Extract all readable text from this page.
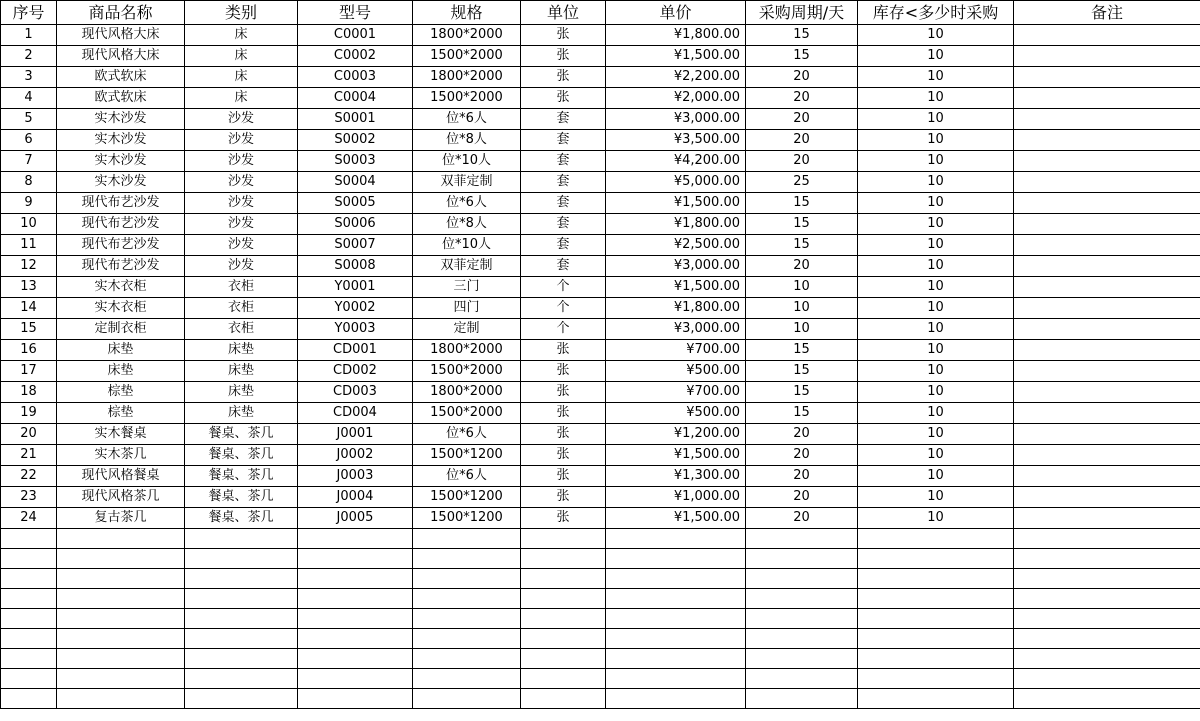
序号	商品名称	类别	型号	规格	单位	单价	采购周期/天	库存<多少时采购	备注
1	现代风格大床	床	C0001	1800*2000	张	¥1,800.00	15	10	
2	现代风格大床	床	C0002	1500*2000	张	¥1,500.00	15	10	
3	欧式软床	床	C0003	1800*2000	张	¥2,200.00	20	10	
4	欧式软床	床	C0004	1500*2000	张	¥2,000.00	20	10	
5	实木沙发	沙发	S0001	位*6人	套	¥3,000.00	20	10	
6	实木沙发	沙发	S0002	位*8人	套	¥3,500.00	20	10	
7	实木沙发	沙发	S0003	位*10人	套	¥4,200.00	20	10	
8	实木沙发	沙发	S0004	双菲定制	套	¥5,000.00	25	10	
9	现代布艺沙发	沙发	S0005	位*6人	套	¥1,500.00	15	10	
10	现代布艺沙发	沙发	S0006	位*8人	套	¥1,800.00	15	10	
11	现代布艺沙发	沙发	S0007	位*10人	套	¥2,500.00	15	10	
12	现代布艺沙发	沙发	S0008	双菲定制	套	¥3,000.00	20	10	
13	实木衣柜	衣柜	Y0001	三门	个	¥1,500.00	10	10	
14	实木衣柜	衣柜	Y0002	四门	个	¥1,800.00	10	10	
15	定制衣柜	衣柜	Y0003	定制	个	¥3,000.00	10	10	
16	床垫	床垫	CD001	1800*2000	张	¥700.00	15	10	
17	床垫	床垫	CD002	1500*2000	张	¥500.00	15	10	
18	棕垫	床垫	CD003	1800*2000	张	¥700.00	15	10	
19	棕垫	床垫	CD004	1500*2000	张	¥500.00	15	10	
20	实木餐桌	餐桌、茶几	J0001	位*6人	张	¥1,200.00	20	10	
21	实木茶几	餐桌、茶几	J0002	1500*1200	张	¥1,500.00	20	10	
22	现代风格餐桌	餐桌、茶几	J0003	位*6人	张	¥1,300.00	20	10	
23	现代风格茶几	餐桌、茶几	J0004	1500*1200	张	¥1,000.00	20	10	
24	复古茶几	餐桌、茶几	J0005	1500*1200	张	¥1,500.00	20	10	
